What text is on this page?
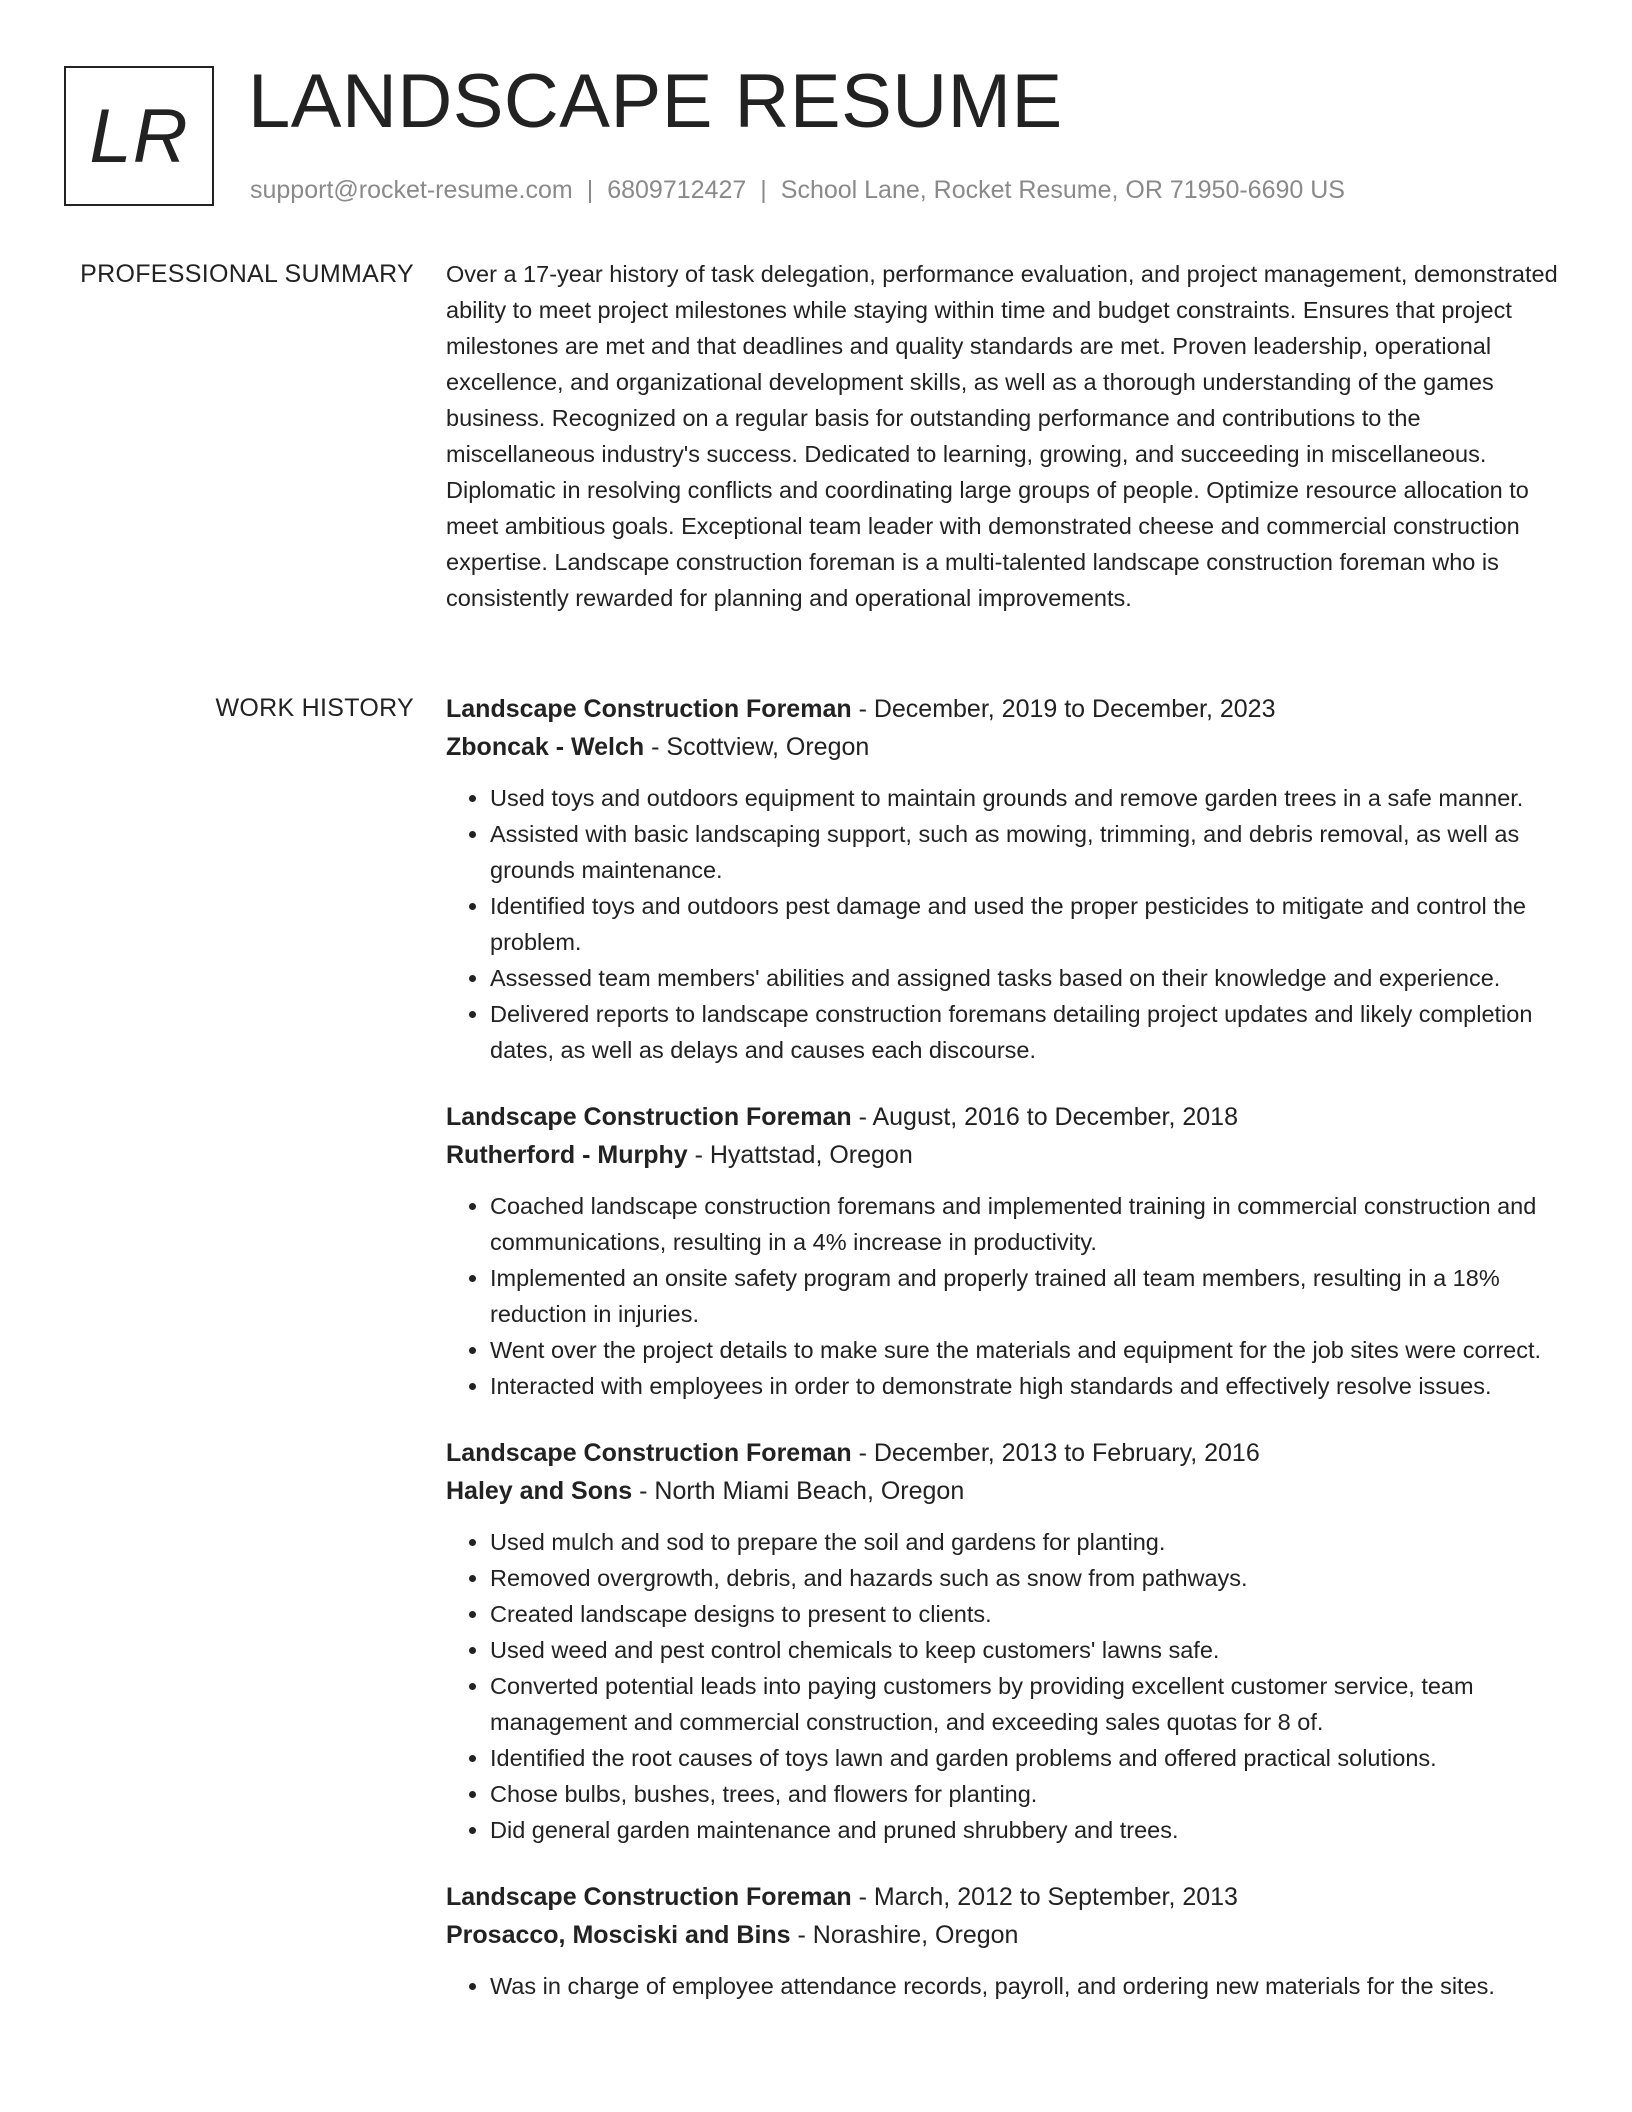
LR LANDSCAPE RESUME
support@rocket-resume.com | 6809712427 | School Lane, Rocket Resume, OR 71950-6690 US
PROFESSIONAL SUMMARY Over a 17-year history of task delegation, performance evaluation, and project management, demonstrated ability to meet project milestones while staying within time and budget constraints. Ensures that project milestones are met and that deadlines and quality standards are met. Proven leadership, operational excellence, and organizational development skills, as well as a thorough understanding of the games business. Recognized on a regular basis for outstanding performance and contributions to the miscellaneous industry's success. Dedicated to learning, growing, and succeeding in miscellaneous. Diplomatic in resolving conflicts and coordinating large groups of people. Optimize resource allocation to meet ambitious goals. Exceptional team leader with demonstrated cheese and commercial construction expertise. Landscape construction foreman is a multi-talented landscape construction foreman who is consistently rewarded for planning and operational improvements.

WORK HISTORY Landscape Construction Foreman - December, 2019 to December, 2023
Zboncak - Welch - Scottview, Oregon
• Used toys and outdoors equipment to maintain grounds and remove garden trees in a safe manner.
• Assisted with basic landscaping support, such as mowing, trimming, and debris removal, as well as grounds maintenance.
• Identified toys and outdoors pest damage and used the proper pesticides to mitigate and control the problem.
• Assessed team members' abilities and assigned tasks based on their knowledge and experience.
• Delivered reports to landscape construction foremans detailing project updates and likely completion dates, as well as delays and causes each discourse.
Landscape Construction Foreman - August, 2016 to December, 2018
Rutherford - Murphy - Hyattstad, Oregon
• Coached landscape construction foremans and implemented training in commercial construction and communications, resulting in a 4% increase in productivity.
• Implemented an onsite safety program and properly trained all team members, resulting in a 18% reduction in injuries.
• Went over the project details to make sure the materials and equipment for the job sites were correct.
• Interacted with employees in order to demonstrate high standards and effectively resolve issues.
Landscape Construction Foreman - December, 2013 to February, 2016
Haley and Sons - North Miami Beach, Oregon
• Used mulch and sod to prepare the soil and gardens for planting.
• Removed overgrowth, debris, and hazards such as snow from pathways.
• Created landscape designs to present to clients.
• Used weed and pest control chemicals to keep customers' lawns safe.
• Converted potential leads into paying customers by providing excellent customer service, team management and commercial construction, and exceeding sales quotas for 8 of.
• Identified the root causes of toys lawn and garden problems and offered practical solutions.
• Chose bulbs, bushes, trees, and flowers for planting.
• Did general garden maintenance and pruned shrubbery and trees.
Landscape Construction Foreman - March, 2012 to September, 2013
Prosacco, Mosciski and Bins - Norashire, Oregon
• Was in charge of employee attendance records, payroll, and ordering new materials for the sites.
